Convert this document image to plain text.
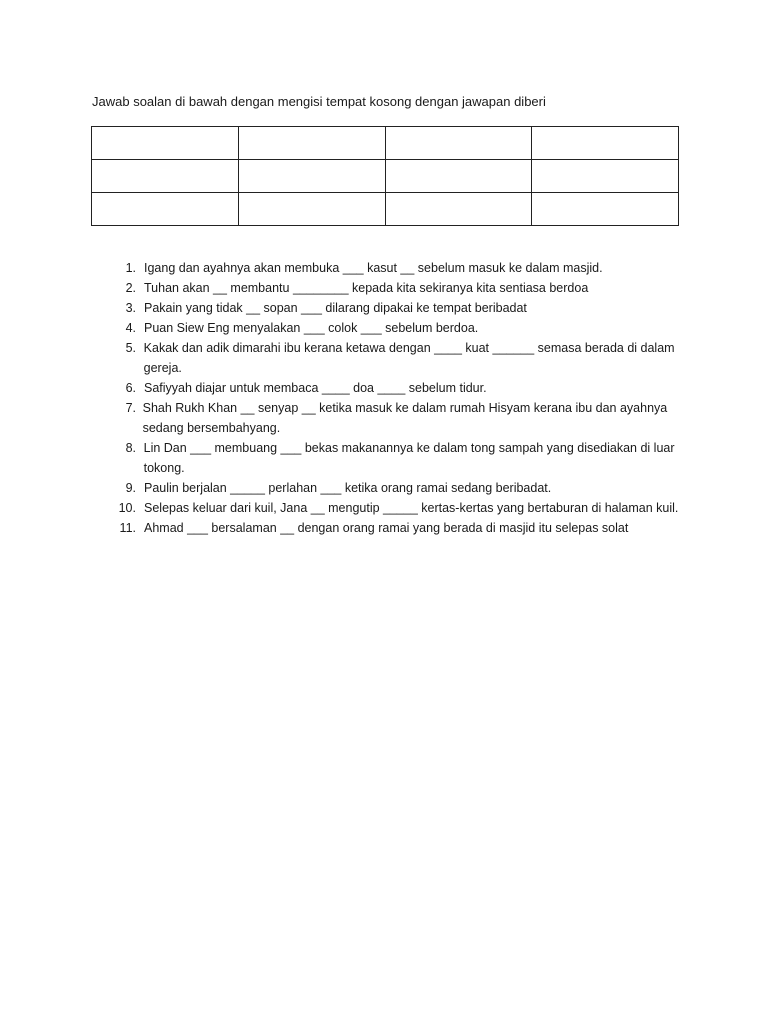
Jawab soalan di bawah dengan mengisi tempat kosong dengan jawapan diberi

1. Igang dan ayahnya akan membuka ___ kasut __ sebelum masuk ke dalam masjid.
2. Tuhan akan __ membantu ________ kepada kita sekiranya kita sentiasa berdoa
3. Pakain yang tidak __ sopan ___ dilarang dipakai ke tempat beribadat
4. Puan Siew Eng menyalakan ___ colok ___ sebelum berdoa.
5. Kakak dan adik dimarahi ibu kerana ketawa dengan ____ kuat ______ semasa berada di dalam gereja.
6. Safiyyah diajar untuk membaca ____ doa ____ sebelum tidur.
7. Shah Rukh Khan __ senyap __ ketika masuk ke dalam rumah Hisyam kerana ibu dan ayahnya sedang bersembahyang.
8. Lin Dan ___ membuang ___ bekas makanannya ke dalam tong sampah yang disediakan di luar tokong.
9. Paulin berjalan _____ perlahan ___ ketika orang ramai sedang beribadat.
10. Selepas keluar dari kuil, Jana __ mengutip _____ kertas-kertas yang bertaburan di halaman kuil.
11. Ahmad ___ bersalaman __ dengan orang ramai yang berada di masjid itu selepas solat
